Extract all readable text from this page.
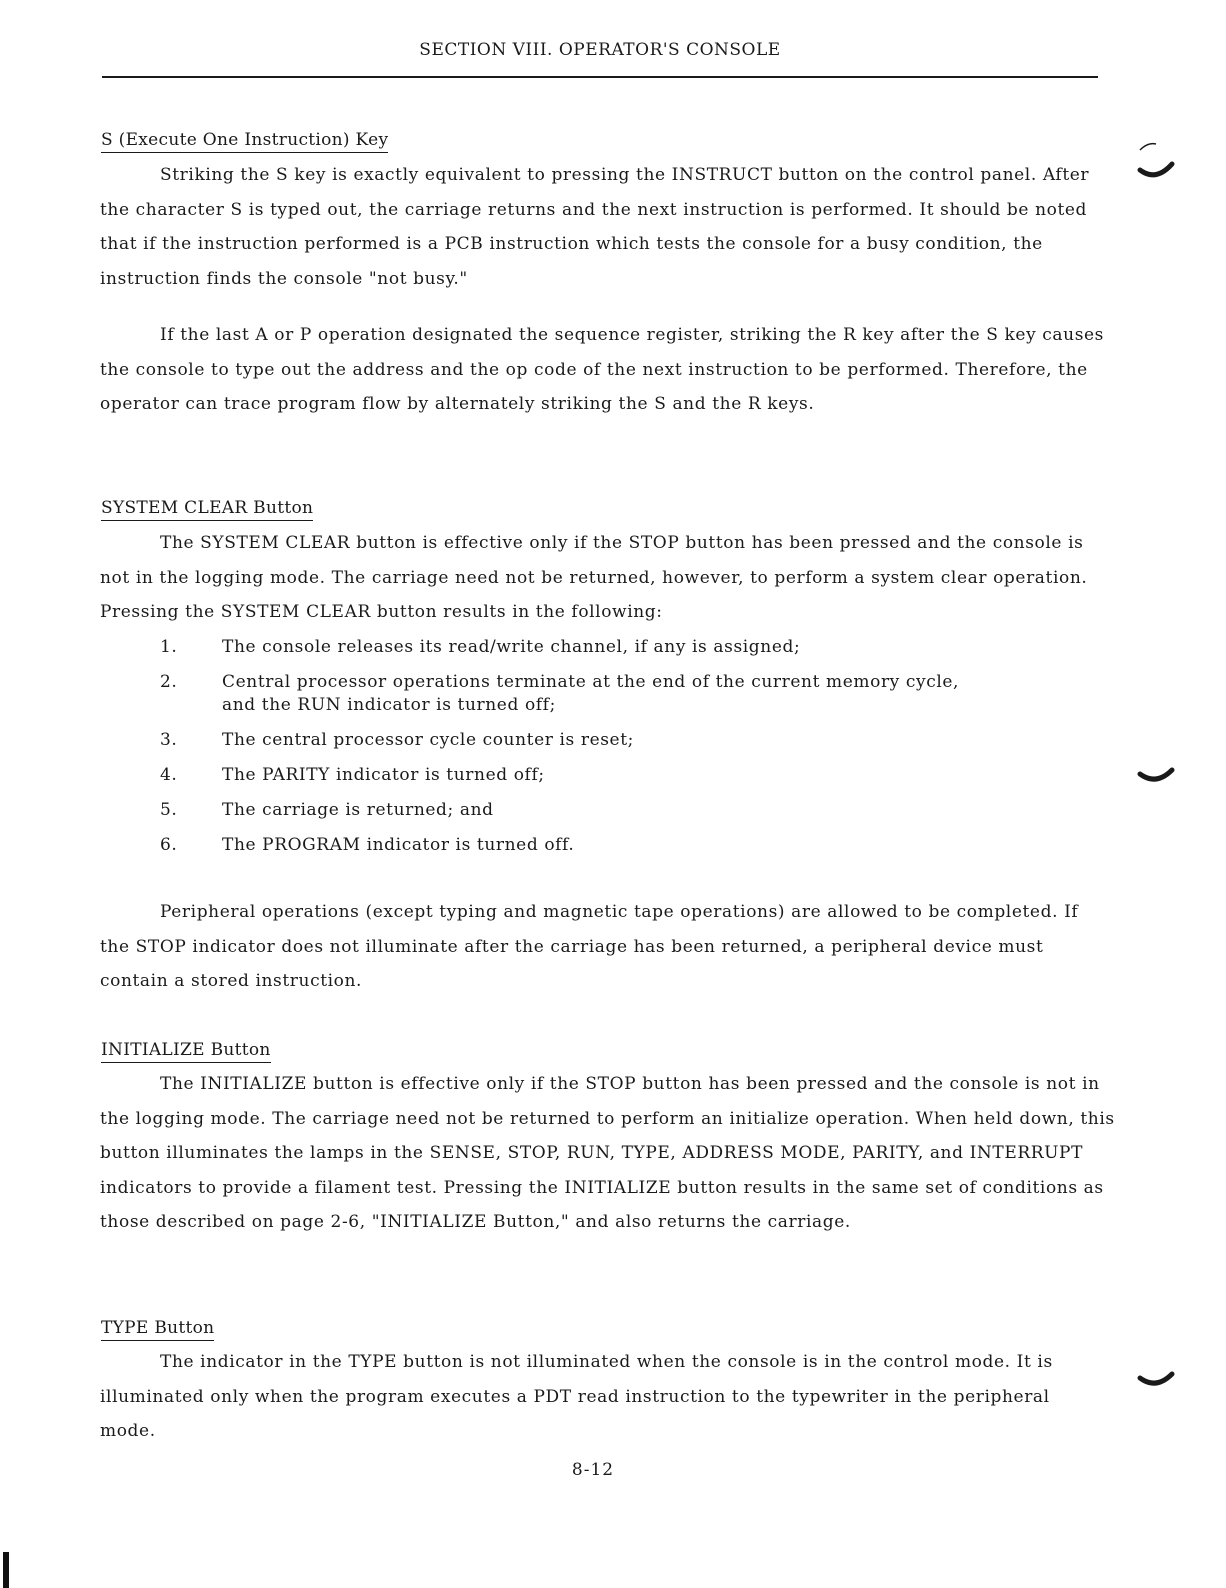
SECTION VIII. OPERATOR'S CONSOLE
S (Execute One Instruction) Key

Striking the S key is exactly equivalent to pressing the INSTRUCT button on the control panel. After the character S is typed out, the carriage returns and the next instruction is performed. It should be noted that if the instruction performed is a PCB instruction which tests the console for a busy condition, the instruction finds the console "not busy."

If the last A or P operation designated the sequence register, striking the R key after the S key causes the console to type out the address and the op code of the next instruction to be performed. Therefore, the operator can trace program flow by alternately striking the S and the R keys.

SYSTEM CLEAR Button

The SYSTEM CLEAR button is effective only if the STOP button has been pressed and the console is not in the logging mode. The carriage need not be returned, however, to perform a system clear operation. Pressing the SYSTEM CLEAR button results in the following:

1.	The console releases its read/write channel, if any is assigned;
2.	Central processor operations terminate at the end of the current memory cycle, and the RUN indicator is turned off;
3.	The central processor cycle counter is reset;
4.	The PARITY indicator is turned off;
5.	The carriage is returned; and
6.	The PROGRAM indicator is turned off.

Peripheral operations (except typing and magnetic tape operations) are allowed to be completed. If the STOP indicator does not illuminate after the carriage has been returned, a peripheral device must contain a stored instruction.

INITIALIZE Button

The INITIALIZE button is effective only if the STOP button has been pressed and the console is not in the logging mode. The carriage need not be returned to perform an initialize operation. When held down, this button illuminates the lamps in the SENSE, STOP, RUN, TYPE, ADDRESS MODE, PARITY, and INTERRUPT indicators to provide a filament test. Pressing the INITIALIZE button results in the same set of conditions as those described on page 2-6, "INITIALIZE Button," and also returns the carriage.

TYPE Button

The indicator in the TYPE button is not illuminated when the console is in the control mode. It is illuminated only when the program executes a PDT read instruction to the typewriter in the peripheral mode.

8-12
